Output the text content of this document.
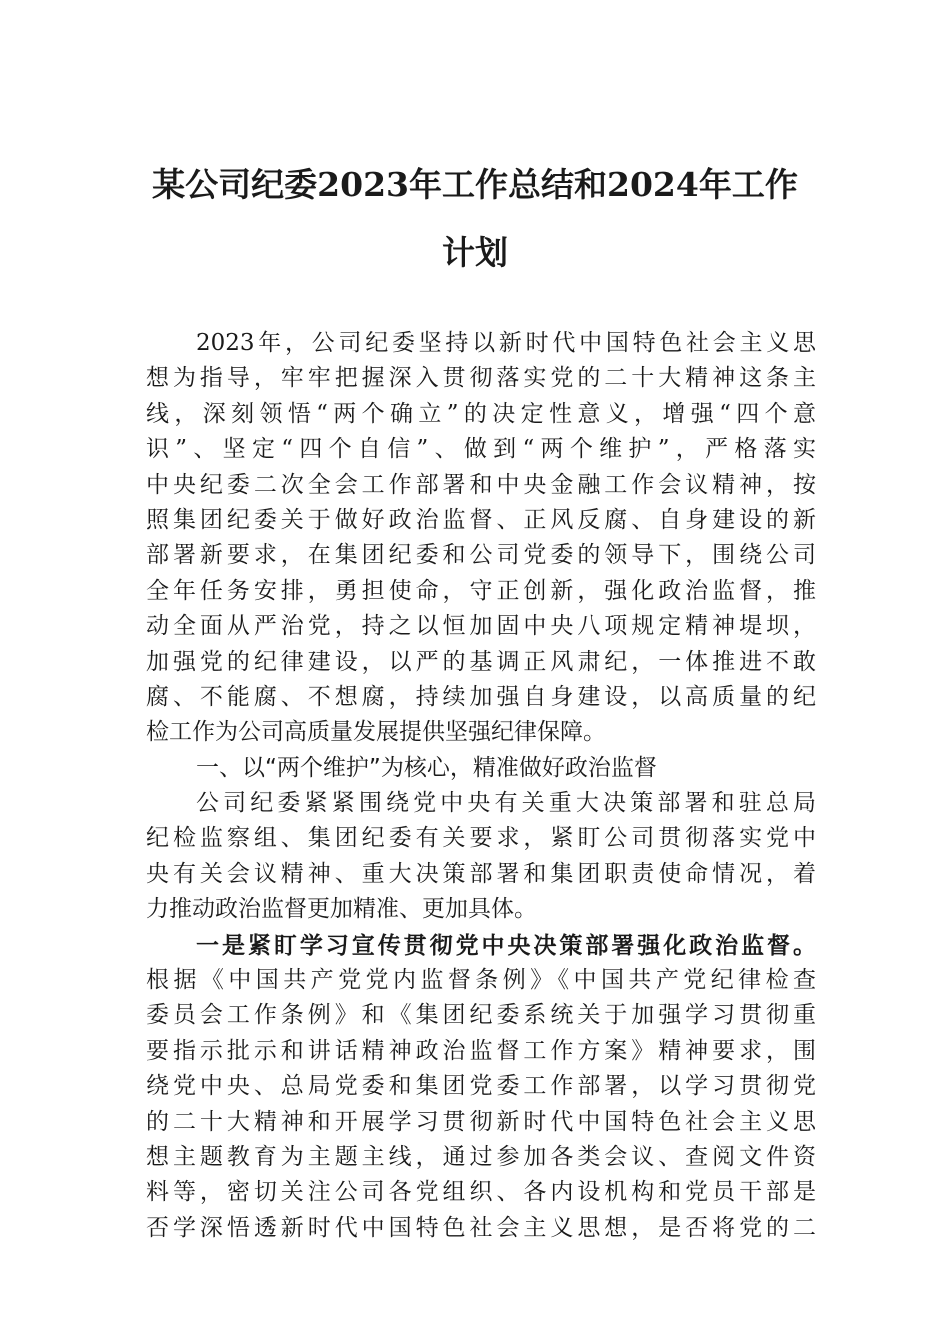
某公司纪委2023年工作总结和2024年工作
计划
2023年，公司纪委坚持以新时代中国特色社会主义思
想为指导，牢牢把握深入贯彻落实党的二十大精神这条主
线，深刻领悟“两个确立”的决定性意义，增强“四个意
识”、坚定“四个自信”、做到“两个维护”，严格落实
中央纪委二次全会工作部署和中央金融工作会议精神，按
照集团纪委关于做好政治监督、正风反腐、自身建设的新
部署新要求，在集团纪委和公司党委的领导下，围绕公司
全年任务安排，勇担使命，守正创新，强化政治监督，推
动全面从严治党，持之以恒加固中央八项规定精神堤坝，
加强党的纪律建设，以严的基调正风肃纪，一体推进不敢
腐、不能腐、不想腐，持续加强自身建设，以高质量的纪
检工作为公司高质量发展提供坚强纪律保障。
一、以“两个维护”为核心，精准做好政治监督
公司纪委紧紧围绕党中央有关重大决策部署和驻总局
纪检监察组、集团纪委有关要求，紧盯公司贯彻落实党中
央有关会议精神、重大决策部署和集团职责使命情况，着
力推动政治监督更加精准、更加具体。
一是紧盯学习宣传贯彻党中央决策部署强化政治监督。
根据《中国共产党党内监督条例》《中国共产党纪律检查
委员会工作条例》和《集团纪委系统关于加强学习贯彻重
要指示批示和讲话精神政治监督工作方案》精神要求，围
绕党中央、总局党委和集团党委工作部署，以学习贯彻党
的二十大精神和开展学习贯彻新时代中国特色社会主义思
想主题教育为主题主线，通过参加各类会议、查阅文件资
料等，密切关注公司各党组织、各内设机构和党员干部是
否学深悟透新时代中国特色社会主义思想，是否将党的二
